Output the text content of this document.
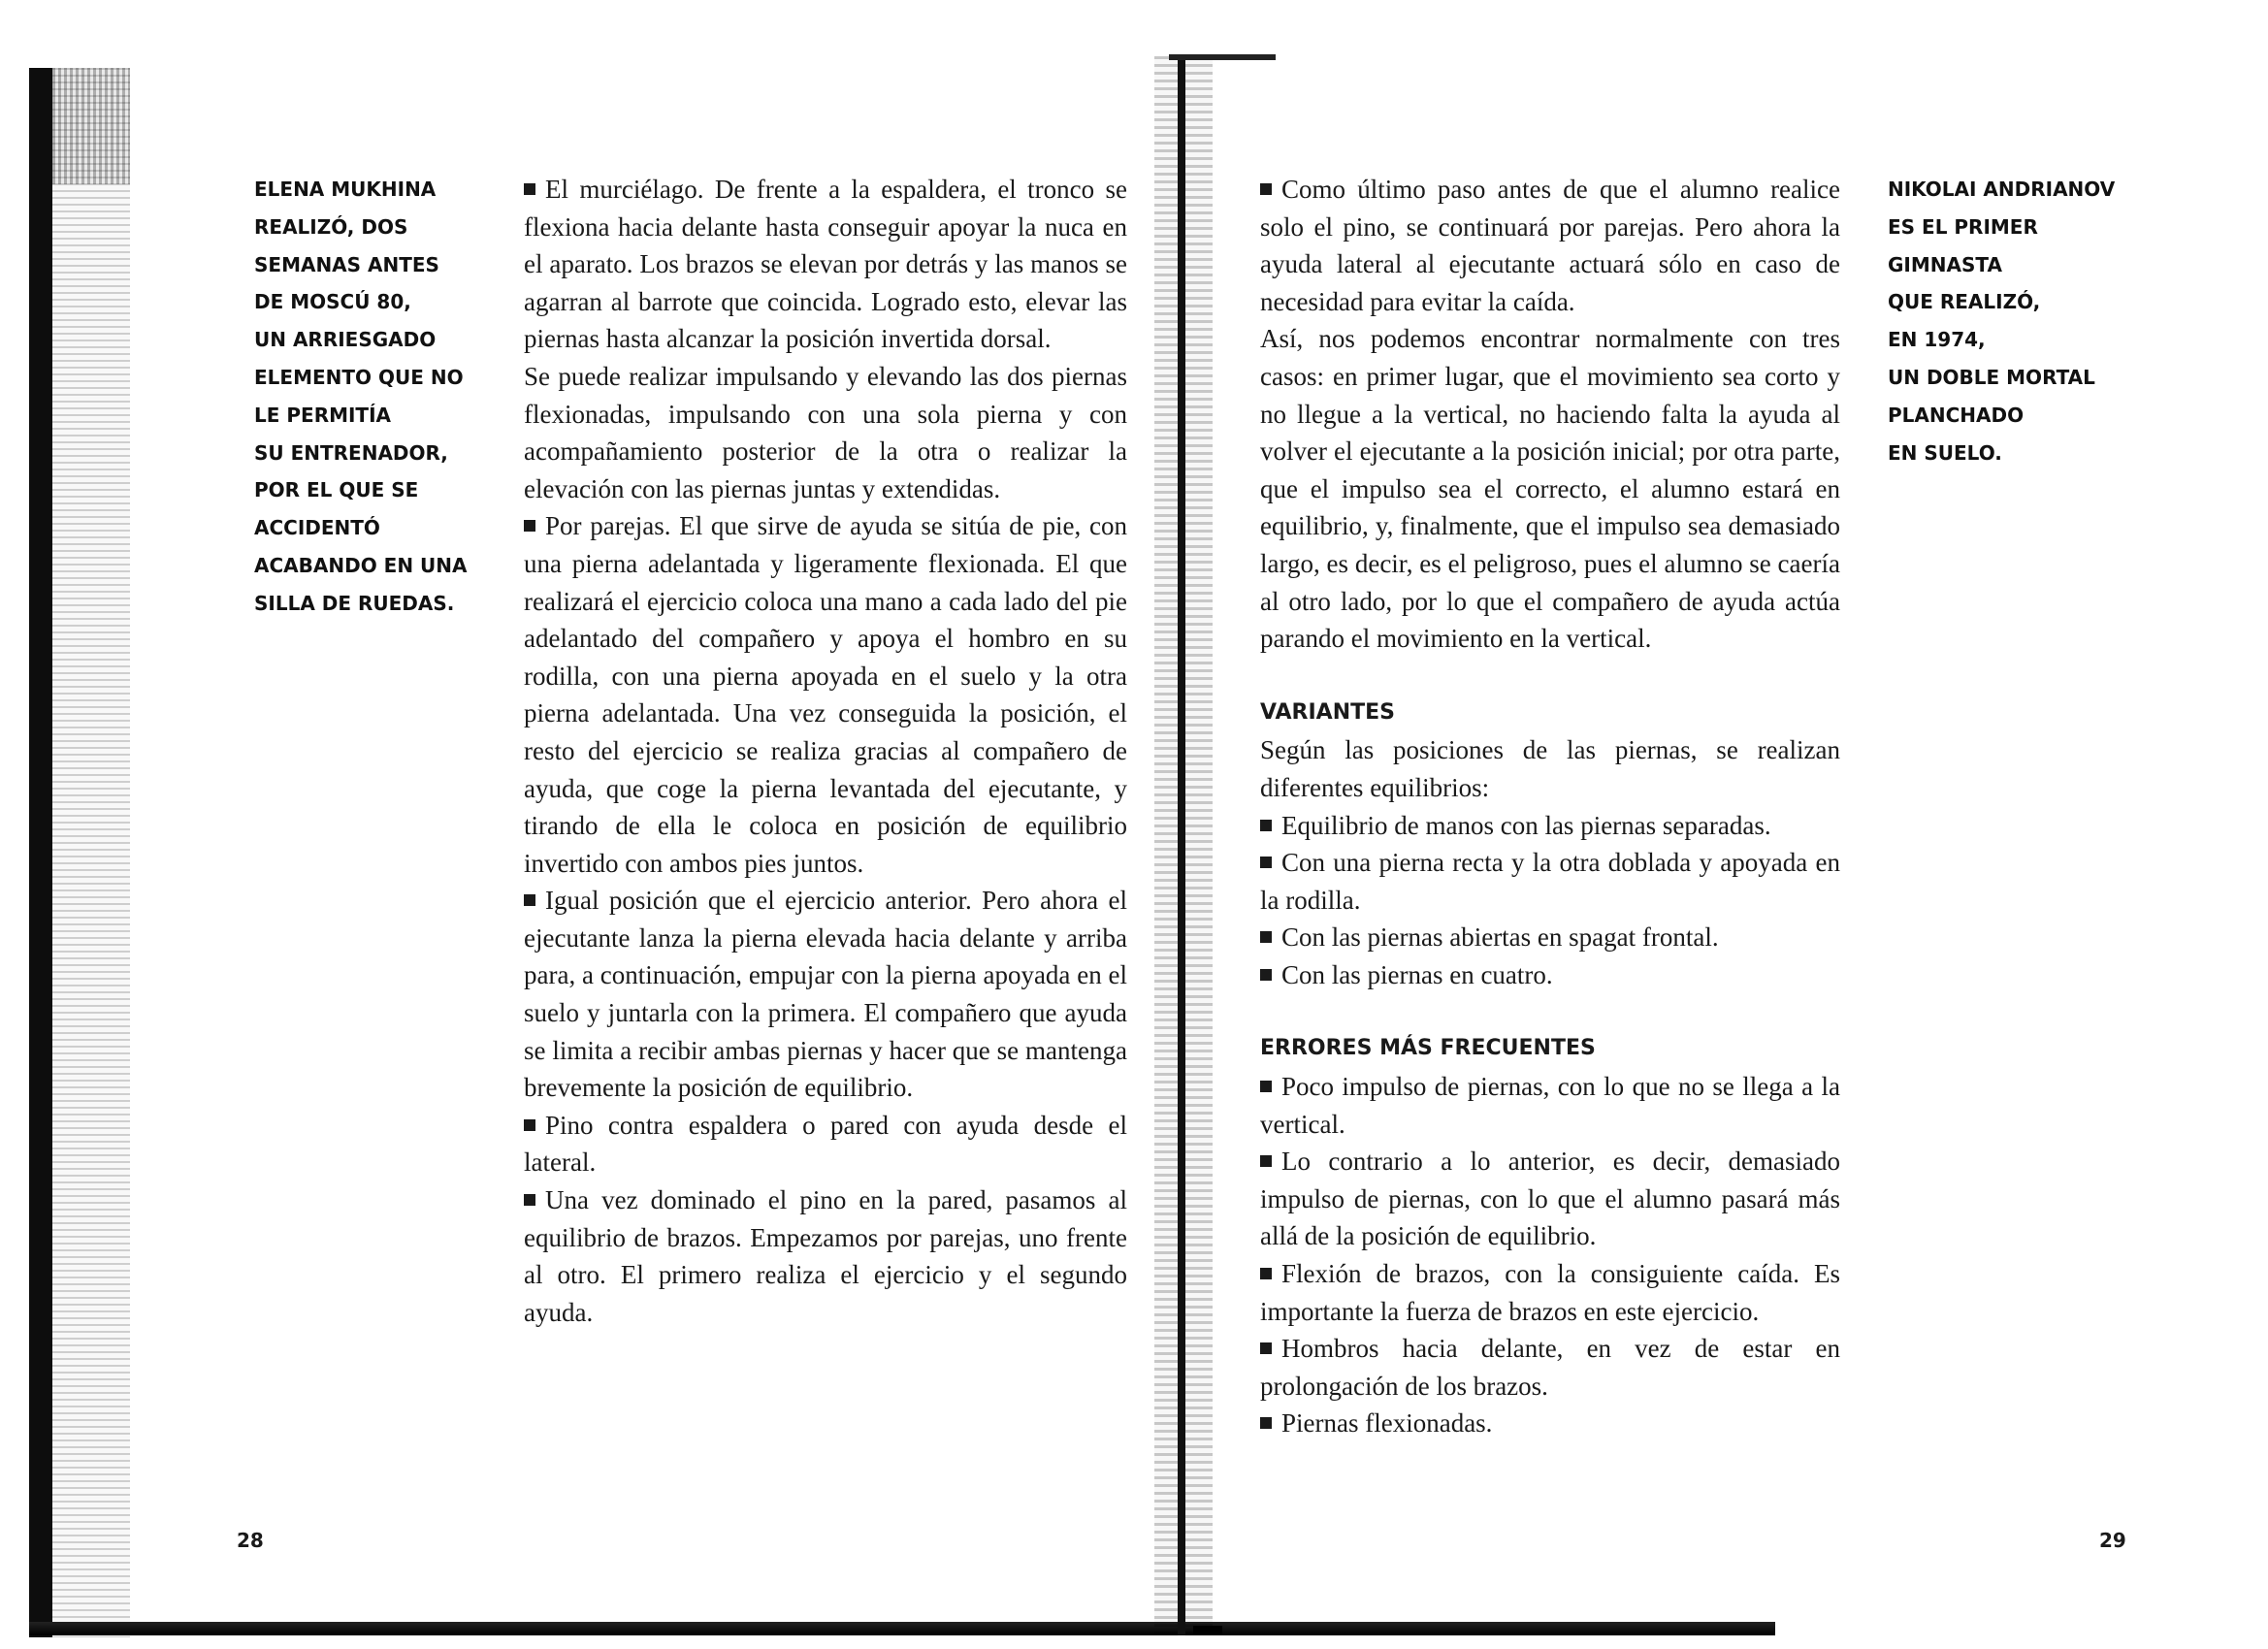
ELENA MUKHINA
REALIZÓ, DOS
SEMANAS ANTES
DE MOSCÚ 80,
UN ARRIESGADO
ELEMENTO QUE NO
LE PERMITÍA
SU ENTRENADOR,
POR EL QUE SE
ACCIDENTÓ
ACABANDO EN UNA
SILLA DE RUEDAS.

El murciélago. De frente a la espaldera, el tronco se flexiona hacia delante hasta conseguir apoyar la nuca en el aparato. Los brazos se elevan por detrás y las manos se agarran al barrote que coincida. Logrado esto, elevar las piernas hasta alcanzar la posición invertida dorsal.

Se puede realizar impulsando y elevando las dos piernas flexionadas, impulsando con una sola pierna y con acompañamiento posterior de la otra o realizar la elevación con las piernas juntas y extendidas.

Por parejas. El que sirve de ayuda se sitúa de pie, con una pierna adelantada y ligeramente flexionada. El que realizará el ejercicio coloca una mano a cada lado del pie adelantado del compañero y apoya el hombro en su rodilla, con una pierna apoyada en el suelo y la otra pierna adelantada. Una vez conseguida la posición, el resto del ejercicio se realiza gracias al compañero de ayuda, que coge la pierna levantada del ejecutante, y tirando de ella le coloca en posición de equilibrio invertido con ambos pies juntos.

Igual posición que el ejercicio anterior. Pero ahora el ejecutante lanza la pierna elevada hacia delante y arriba para, a continuación, empujar con la pierna apoyada en el suelo y juntarla con la primera. El compañero que ayuda se limita a recibir ambas piernas y hacer que se mantenga brevemente la posición de equilibrio.

Pino contra espaldera o pared con ayuda desde el lateral.

Una vez dominado el pino en la pared, pasamos al equilibrio de brazos. Empezamos por parejas, uno frente al otro. El primero realiza el ejercicio y el segundo ayuda.

28

Como último paso antes de que el alumno realice solo el pino, se continuará por parejas. Pero ahora la ayuda lateral al ejecutante actuará sólo en caso de necesidad para evitar la caída.

Así, nos podemos encontrar normalmente con tres casos: en primer lugar, que el movimiento sea corto y no llegue a la vertical, no haciendo falta la ayuda al volver el ejecutante a la posición inicial; por otra parte, que el impulso sea el correcto, el alumno estará en equilibrio, y, finalmente, que el impulso sea demasiado largo, es decir, es el peligroso, pues el alumno se caería al otro lado, por lo que el compañero de ayuda actúa parando el movimiento en la vertical.

VARIANTES

Según las posiciones de las piernas, se realizan diferentes equilibrios:

Equilibrio de manos con las piernas separadas.

Con una pierna recta y la otra doblada y apoyada en la rodilla.

Con las piernas abiertas en spagat frontal.

Con las piernas en cuatro.

ERRORES MÁS FRECUENTES

Poco impulso de piernas, con lo que no se llega a la vertical.

Lo contrario a lo anterior, es decir, demasiado impulso de piernas, con lo que el alumno pasará más allá de la posición de equilibrio.

Flexión de brazos, con la consiguiente caída. Es importante la fuerza de brazos en este ejercicio.

Hombros hacia delante, en vez de estar en prolongación de los brazos.

Piernas flexionadas.

NIKOLAI ANDRIANOV
ES EL PRIMER
GIMNASTA
QUE REALIZÓ,
EN 1974,
UN DOBLE MORTAL
PLANCHADO
EN SUELO.
29
